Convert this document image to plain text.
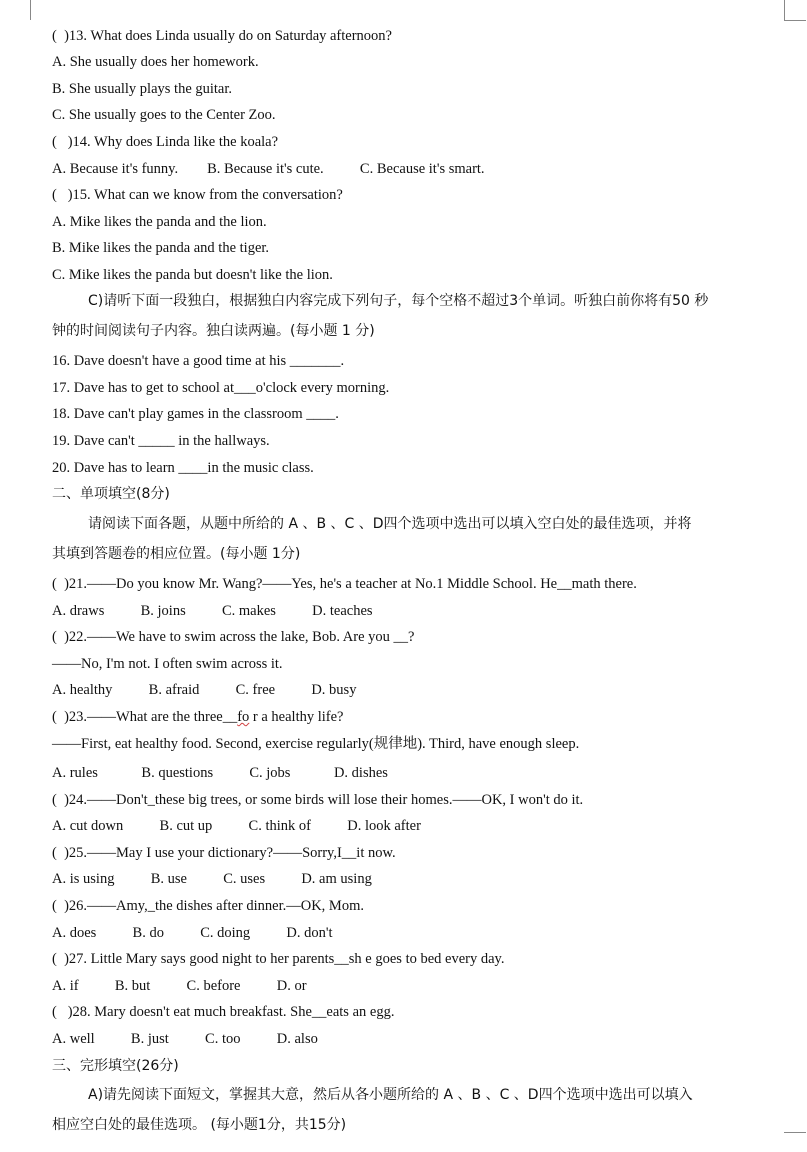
(  )13. What does Linda usually do on Saturday afternoon?
A. She usually does her homework.
B. She usually plays the guitar.
C. She usually goes to the Center Zoo.
(   )14. Why does Linda like the koala?
A. Because it's funny.        B. Because it's cute.          C. Because it's smart.
(   )15. What can we know from the conversation?
A. Mike likes the panda and the lion.
B. Mike likes the panda and the tiger.
C. Mike likes the panda but doesn't like the lion.
C)请听下面一段独白，根据独白内容完成下列句子，每个空格不超过3个单词。听独白前你将有50 秒
钟的时间阅读句子内容。独白读两遍。(每小题 1 分)
16. Dave doesn't have a good time at his _______.
17. Dave has to get to school at___o'clock every morning.
18. Dave can't play games in the classroom ____.
19. Dave can't _____ in the hallways.
20. Dave has to learn ____in the music class.
二、单项填空(8分)
请阅读下面各题，从题中所给的 A 、B 、C 、D四个选项中选出可以填入空白处的最佳选项，并将
其填到答题卷的相应位置。(每小题 1分)
(  )21.——Do you know Mr. Wang?——Yes, he's a teacher at No.1 Middle School. He__math there.
A. draws          B. joins          C. makes          D. teaches
(  )22.——We have to swim across the lake, Bob. Are you __?
——No, I'm not. I often swim across it.
A. healthy          B. afraid          C. free          D. busy
(  )23.——What are the three__fo r a healthy life?
——First, eat healthy food. Second, exercise regularly(规律地). Third, have enough sleep.
A. rules            B. questions          C. jobs            D. dishes
(  )24.——Don't_these big trees, or some birds will lose their homes.——OK, I won't do it.
A. cut down          B. cut up          C. think of          D. look after
(  )25.——May I use your dictionary?——Sorry,I__it now.
A. is using          B. use          C. uses          D. am using
(  )26.——Amy,_the dishes after dinner.—OK, Mom.
A. does          B. do          C. doing          D. don't
(  )27. Little Mary says good night to her parents__sh e goes to bed every day.
A. if          B. but          C. before          D. or
(   )28. Mary doesn't eat much breakfast. She__eats an egg.
A. well          B. just          C. too          D. also
三、完形填空(26分)
A)请先阅读下面短文，掌握其大意，然后从各小题所给的 A 、B 、C 、D四个选项中选出可以填入
相应空白处的最佳选项。 (每小题1分，共15分)
